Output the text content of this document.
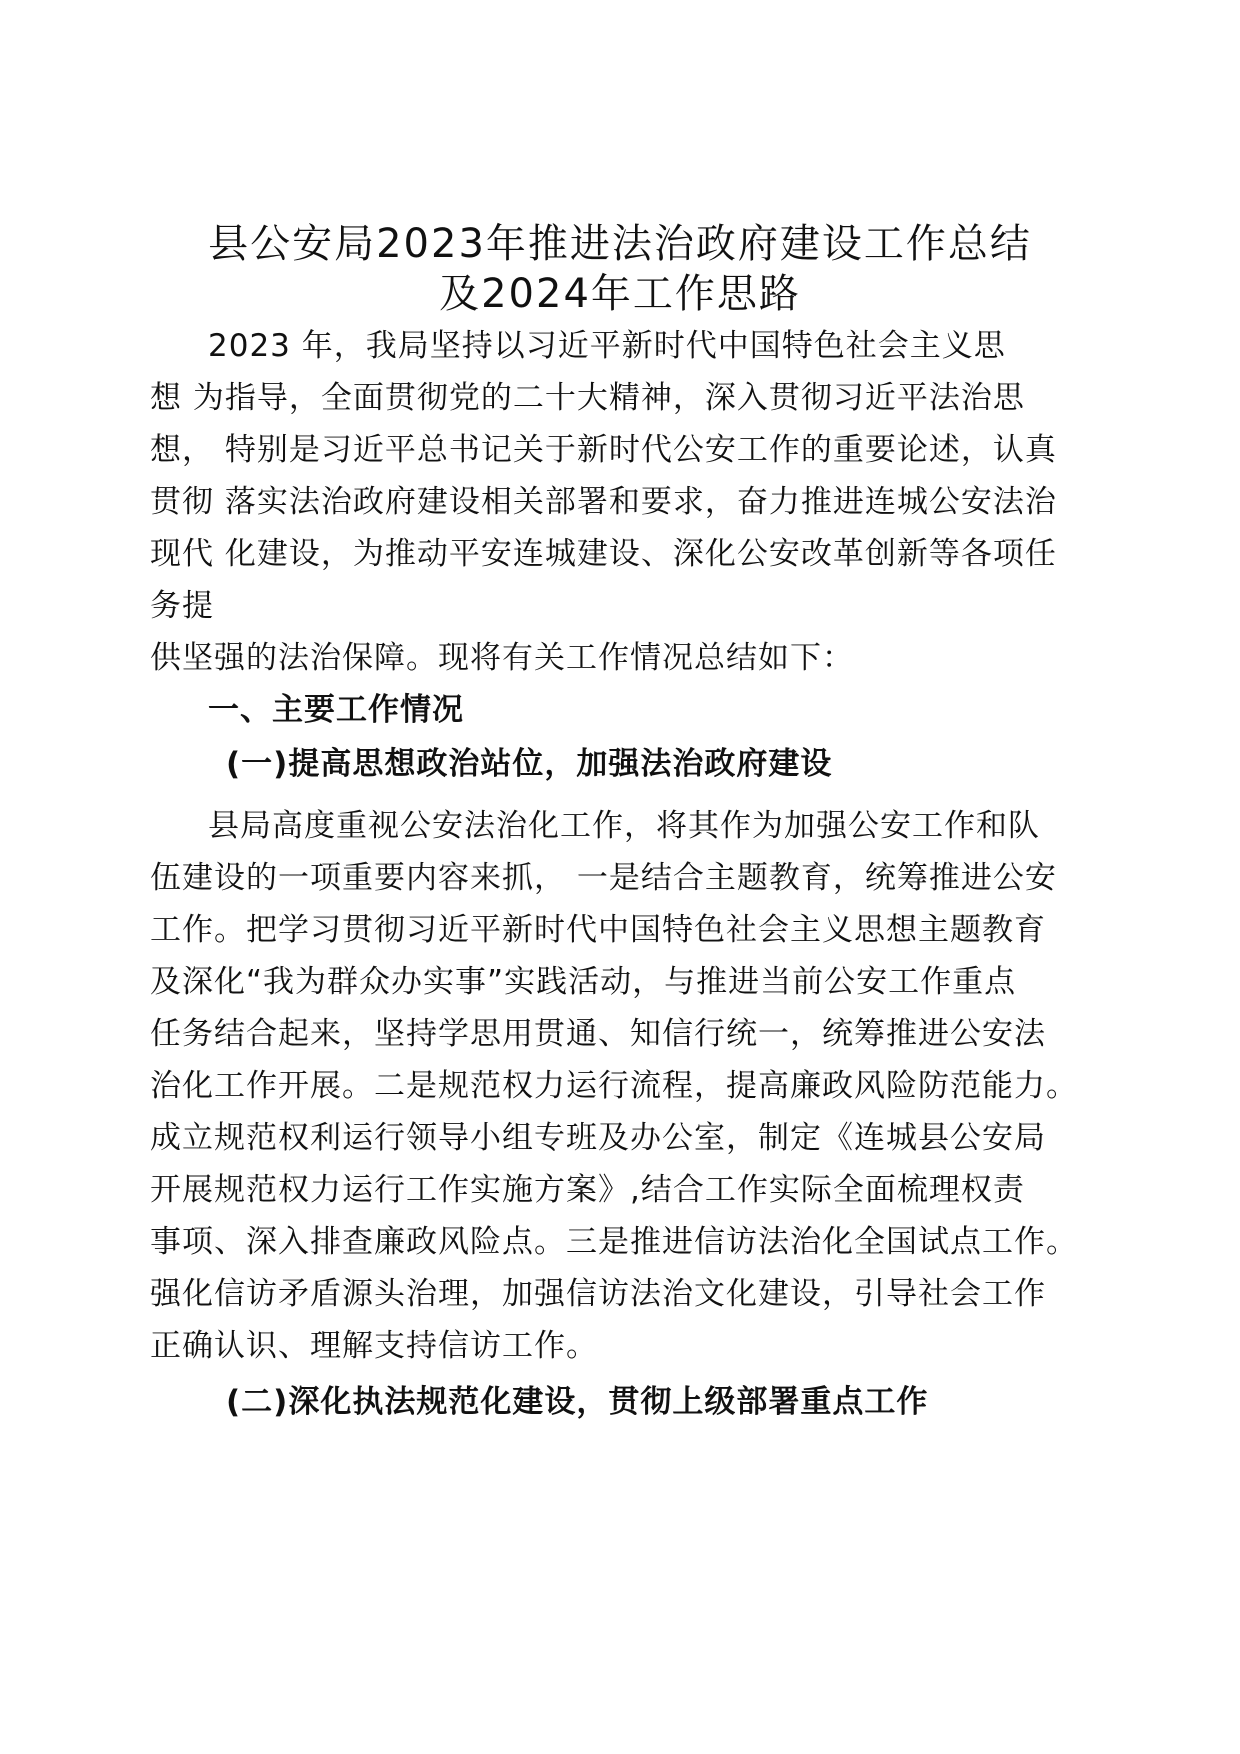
县公安局2023年推进法治政府建设工作总结
及2024年工作思路
2023 年，我局坚持以习近平新时代中国特色社会主义思
想 为指导，全面贯彻党的二十大精神，深入贯彻习近平法治思
想， 特别是习近平总书记关于新时代公安工作的重要论述，认真
贯彻 落实法治政府建设相关部署和要求，奋力推进连城公安法治
现代 化建设，为推动平安连城建设、深化公安改革创新等各项任
务提
供坚强的法治保障。现将有关工作情况总结如下：
一、主要工作情况
(一)提高思想政治站位，加强法治政府建设
县局高度重视公安法治化工作，将其作为加强公安工作和队
伍建设的一项重要内容来抓， 一是结合主题教育，统筹推进公安
工作。把学习贯彻习近平新时代中国特色社会主义思想主题教育
及深化“我为群众办实事”实践活动，与推进当前公安工作重点
任务结合起来，坚持学思用贯通、知信行统一，统筹推进公安法
治化工作开展。二是规范权力运行流程，提高廉政风险防范能力。
成立规范权利运行领导小组专班及办公室，制定《连城县公安局
开展规范权力运行工作实施方案》,结合工作实际全面梳理权责
事项、深入排查廉政风险点。三是推进信访法治化全国试点工作。
强化信访矛盾源头治理，加强信访法治文化建设，引导社会工作
正确认识、理解支持信访工作。
(二)深化执法规范化建设，贯彻上级部署重点工作
